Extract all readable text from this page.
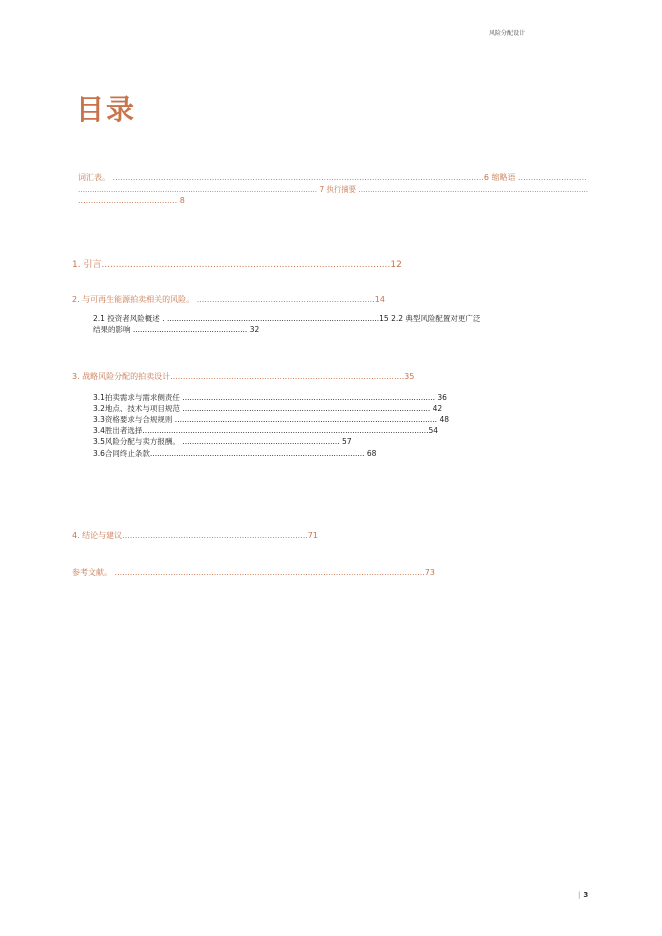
风险分配设计
目录
词汇表。 ..................................................................................................................................................6 缩略语 ...........................
...................................................................................................... 7 执行摘要 ..................................................................................................
....................................... 8
1. 引言.....................................................................................................12
2. 与可再生能源拍卖相关的风险。 ......................................................................14
2.1 投资者风险概述 . .........................................................................................15 2.2 典型风险配置对更广泛
结果的影响 ................................................ 32
3. 战略风险分配的拍卖设计............................................................................................35
3.1拍卖需求与需求侧责任 .......................................................................................................... 36
3.2地点、技术与项目规范 ........................................................................................................ 42
3.3资格要求与合规规则 .............................................................................................................. 48
3.4胜出者选择........................................................................................................................54
3.5风险分配与卖方报酬。 .................................................................. 57
3.6合同终止条款.......................................................................................... 68
4. 结论与建议.........................................................................71
参考文献。 ..........................................................................................................................73
| 3
